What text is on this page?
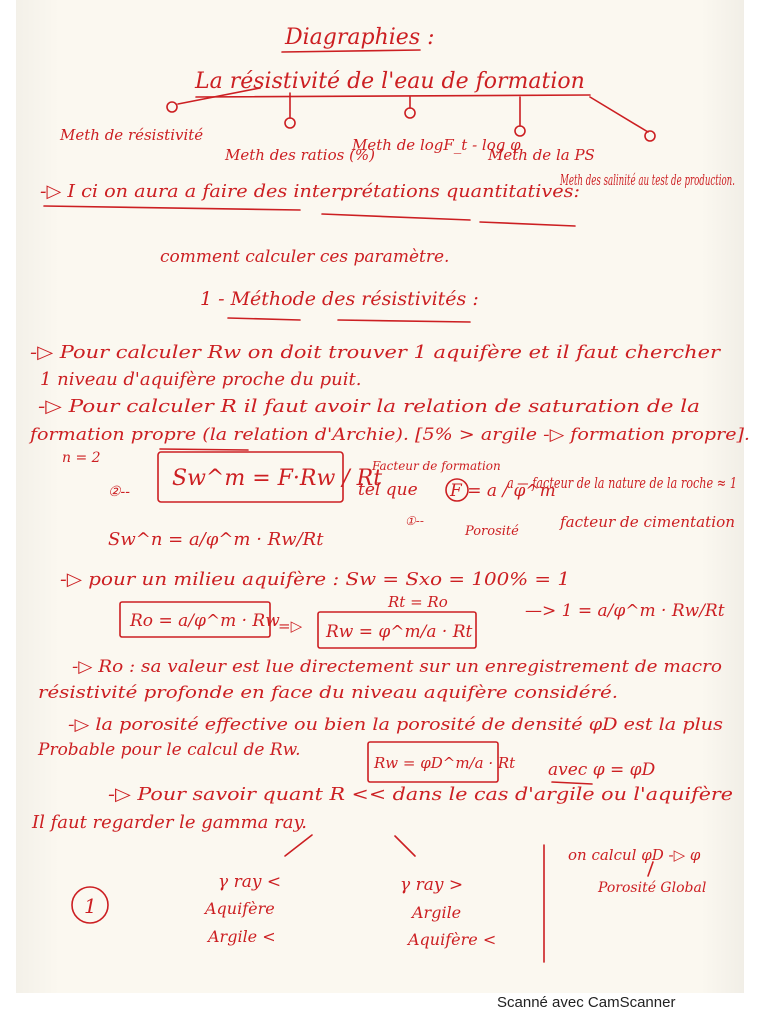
Diagraphies :
La résistivité de l'eau de formation
Meth de résistivité
Meth des ratios (%)
Meth de logF_t - log φ
Meth de la PS
Meth des salinité au test de production.
-▷ I ci on aura a faire des interprétations quantitatives:
comment calculer ces paramètre.
1 - Méthode des résistivités :
-▷ Pour calculer Rw on doit trouver 1 aquifère et il faut chercher
1 niveau d'aquifère proche du puit.
-▷ Pour calculer R il faut avoir la relation de saturation de la
formation propre (la relation d'Archie). [5% > argile -▷ formation propre].
n = 2
Sw^m = F·Rw / Rt
②--
Facteur de formation
tel que F = a / φ^m
a — facteur de la nature de la roche ≈ 1
①--
Porosité
facteur de cimentation
Sw^n = a/φ^m · Rw/Rt
-▷ pour un milieu aquifère : Sw = Sxo = 100% = 1
Rt = Ro
Ro = a/φ^m · Rw
=▷ Rw = φ^m/a · Rt
—> 1 = a/φ^m · Rw/Rt
-▷ Ro : sa valeur est lue directement sur un enregistrement de macro
résistivité profonde en face du niveau aquifère considéré.
-▷ la porosité effective ou bien la porosité de densité φD est la plus
Probable pour le calcul de Rw.
Rw = φD^m/a · Rt avec φ = φD
-▷ Pour savoir quant R << dans le cas d'argile ou l'aquifère
Il faut regarder le gamma ray.
γ ray <
Aquifère
Argile <
γ ray >
Argile
Aquifère <
on calcul φD -▷ φ
Porosité Global
1
Scanné avec CamScanner
